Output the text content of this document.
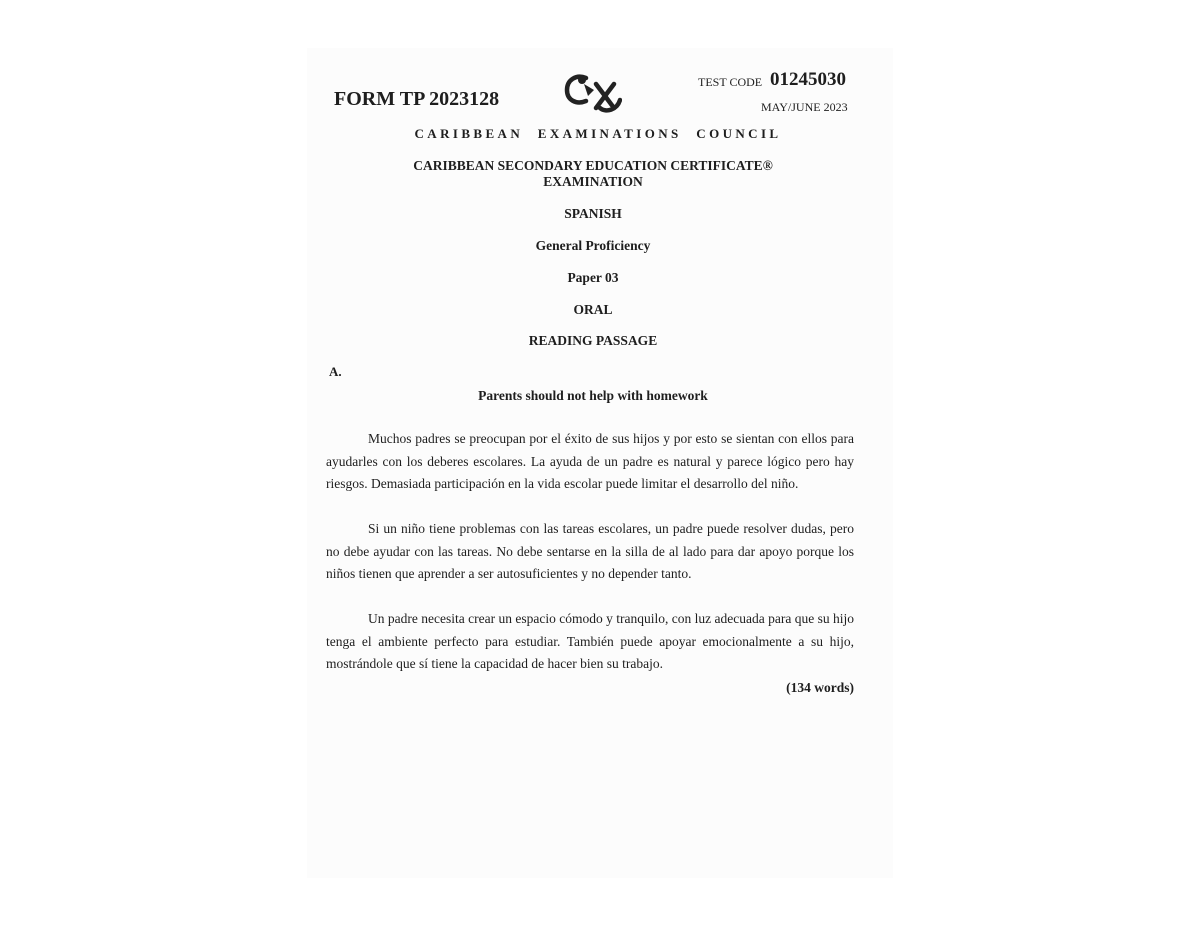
FORM TP 2023128
TEST CODE 01245030
MAY/JUNE 2023
CARIBBEAN EXAMINATIONS COUNCIL
CARIBBEAN SECONDARY EDUCATION CERTIFICATE®
EXAMINATION
SPANISH
General Proficiency
Paper 03
ORAL
READING PASSAGE
A.
Parents should not help with homework

Muchos padres se preocupan por el éxito de sus hijos y por esto se sientan con ellos para ayudarles con los deberes escolares. La ayuda de un padre es natural y parece lógico pero hay riesgos. Demasiada participación en la vida escolar puede limitar el desarrollo del niño.

Si un niño tiene problemas con las tareas escolares, un padre puede resolver dudas, pero no debe ayudar con las tareas. No debe sentarse en la silla de al lado para dar apoyo porque los niños tienen que aprender a ser autosuficientes y no depender tanto.

Un padre necesita crear un espacio cómodo y tranquilo, con luz adecuada para que su hijo tenga el ambiente perfecto para estudiar. También puede apoyar emocionalmente a su hijo, mostrándole que sí tiene la capacidad de hacer bien su trabajo.

(134 words)
